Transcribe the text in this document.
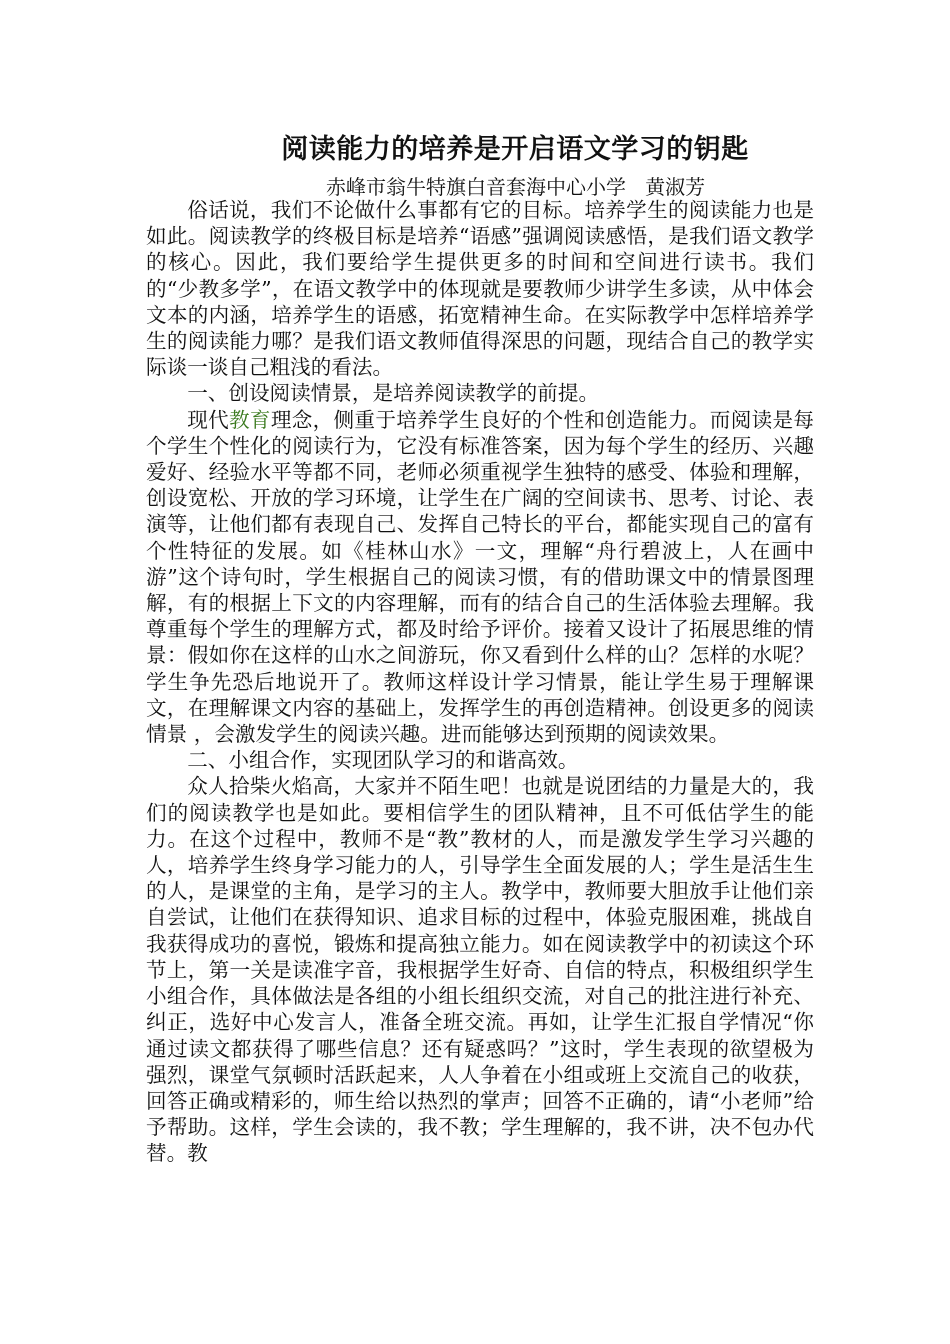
阅读能力的培养是开启语文学习的钥匙
赤峰市翁牛特旗白音套海中心小学   黄淑芳

俗话说，我们不论做什么事都有它的目标。培养学生的阅读能力也是如此。阅读教学的终极目标是培养“语感”强调阅读感悟，是我们语文教学的核心。因此，我们要给学生提供更多的时间和空间进行读书。我们的“少教多学”，在语文教学中的体现就是要教师少讲学生多读，从中体会文本的内涵，培养学生的语感，拓宽精神生命。在实际教学中怎样培养学生的阅读能力哪？是我们语文教师值得深思的问题，现结合自己的教学实际谈一谈自己粗浅的看法。

一、创设阅读情景，是培养阅读教学的前提。

现代教育理念，侧重于培养学生良好的个性和创造能力。而阅读是每个学生个性化的阅读行为，它没有标准答案，因为每个学生的经历、兴趣爱好、经验水平等都不同，老师必须重视学生独特的感受、体验和理解，创设宽松、开放的学习环境，让学生在广阔的空间读书、思考、讨论、表演等，让他们都有表现自己、发挥自己特长的平台，都能实现自己的富有个性特征的发展。如《桂林山水》一文，理解“舟行碧波上，人在画中游”这个诗句时，学生根据自己的阅读习惯，有的借助课文中的情景图理解，有的根据上下文的内容理解，而有的结合自己的生活体验去理解。我尊重每个学生的理解方式，都及时给予评价。接着又设计了拓展思维的情景：假如你在这样的山水之间游玩，你又看到什么样的山？怎样的水呢？学生争先恐后地说开了。教师这样设计学习情景，能让学生易于理解课文，在理解课文内容的基础上，发挥学生的再创造精神。创设更多的阅读情景 ，会激发学生的阅读兴趣。进而能够达到预期的阅读效果。

二、小组合作，实现团队学习的和谐高效。

众人拾柴火焰高，大家并不陌生吧！也就是说团结的力量是大的，我们的阅读教学也是如此。要相信学生的团队精神，且不可低估学生的能力。在这个过程中，教师不是“教”教材的人，而是激发学生学习兴趣的人，培养学生终身学习能力的人，引导学生全面发展的人；学生是活生生的人，是课堂的主角，是学习的主人。教学中，教师要大胆放手让他们亲自尝试，让他们在获得知识、追求目标的过程中，体验克服困难，挑战自我获得成功的喜悦，锻炼和提高独立能力。如在阅读教学中的初读这个环节上，第一关是读准字音，我根据学生好奇、自信的特点，积极组织学生小组合作，具体做法是各组的小组长组织交流，对自己的批注进行补充、纠正，选好中心发言人，准备全班交流。再如，让学生汇报自学情况“你通过读文都获得了哪些信息？还有疑惑吗？”这时，学生表现的欲望极为强烈，课堂气氛顿时活跃起来，人人争着在小组或班上交流自己的收获，回答正确或精彩的，师生给以热烈的掌声；回答不正确的，请“小老师”给予帮助。这样，学生会读的，我不教；学生理解的，我不讲，决不包办代替。教
